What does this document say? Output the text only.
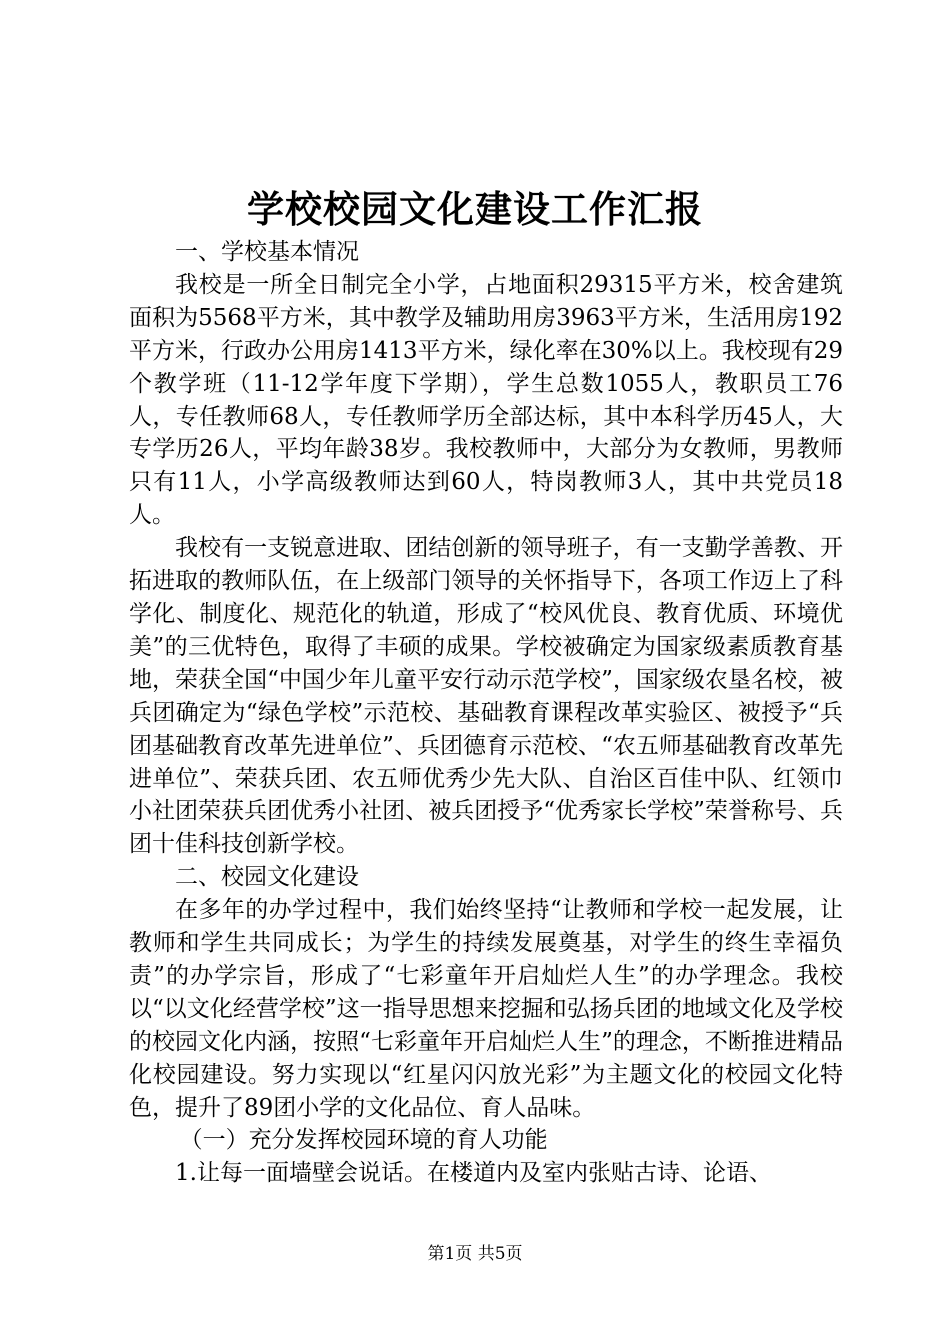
学校校园文化建设工作汇报

一、学校基本情况

我校是一所全日制完全小学，占地面积29315平方米，校舍建筑面积为5568平方米，其中教学及辅助用房3963平方米，生活用房192平方米，行政办公用房1413平方米，绿化率在30%以上。我校现有29个教学班（11-12学年度下学期），学生总数1055人，教职员工76人，专任教师68人，专任教师学历全部达标，其中本科学历45人，大专学历26人，平均年龄38岁。我校教师中，大部分为女教师，男教师只有11人，小学高级教师达到60人，特岗教师3人，其中共党员18人。

我校有一支锐意进取、团结创新的领导班子，有一支勤学善教、开拓进取的教师队伍，在上级部门领导的关怀指导下，各项工作迈上了科学化、制度化、规范化的轨道，形成了“校风优良、教育优质、环境优美”的三优特色，取得了丰硕的成果。学校被确定为国家级素质教育基地，荣获全国“中国少年儿童平安行动示范学校”，国家级农垦名校，被兵团确定为“绿色学校”示范校、基础教育课程改革实验区、被授予“兵团基础教育改革先进单位”、兵团德育示范校、“农五师基础教育改革先进单位”、荣获兵团、农五师优秀少先大队、自治区百佳中队、红领巾小社团荣获兵团优秀小社团、被兵团授予“优秀家长学校”荣誉称号、兵团十佳科技创新学校。

二、校园文化建设

在多年的办学过程中，我们始终坚持“让教师和学校一起发展，让教师和学生共同成长；为学生的持续发展奠基，对学生的终生幸福负责”的办学宗旨，形成了“七彩童年开启灿烂人生”的办学理念。我校以“以文化经营学校”这一指导思想来挖掘和弘扬兵团的地域文化及学校的校园文化内涵，按照“七彩童年开启灿烂人生”的理念，不断推进精品化校园建设。努力实现以“红星闪闪放光彩”为主题文化的校园文化特色，提升了89团小学的文化品位、育人品味。

（一）充分发挥校园环境的育人功能

1.让每一面墙壁会说话。在楼道内及室内张贴古诗、论语、

第1页 共5页
